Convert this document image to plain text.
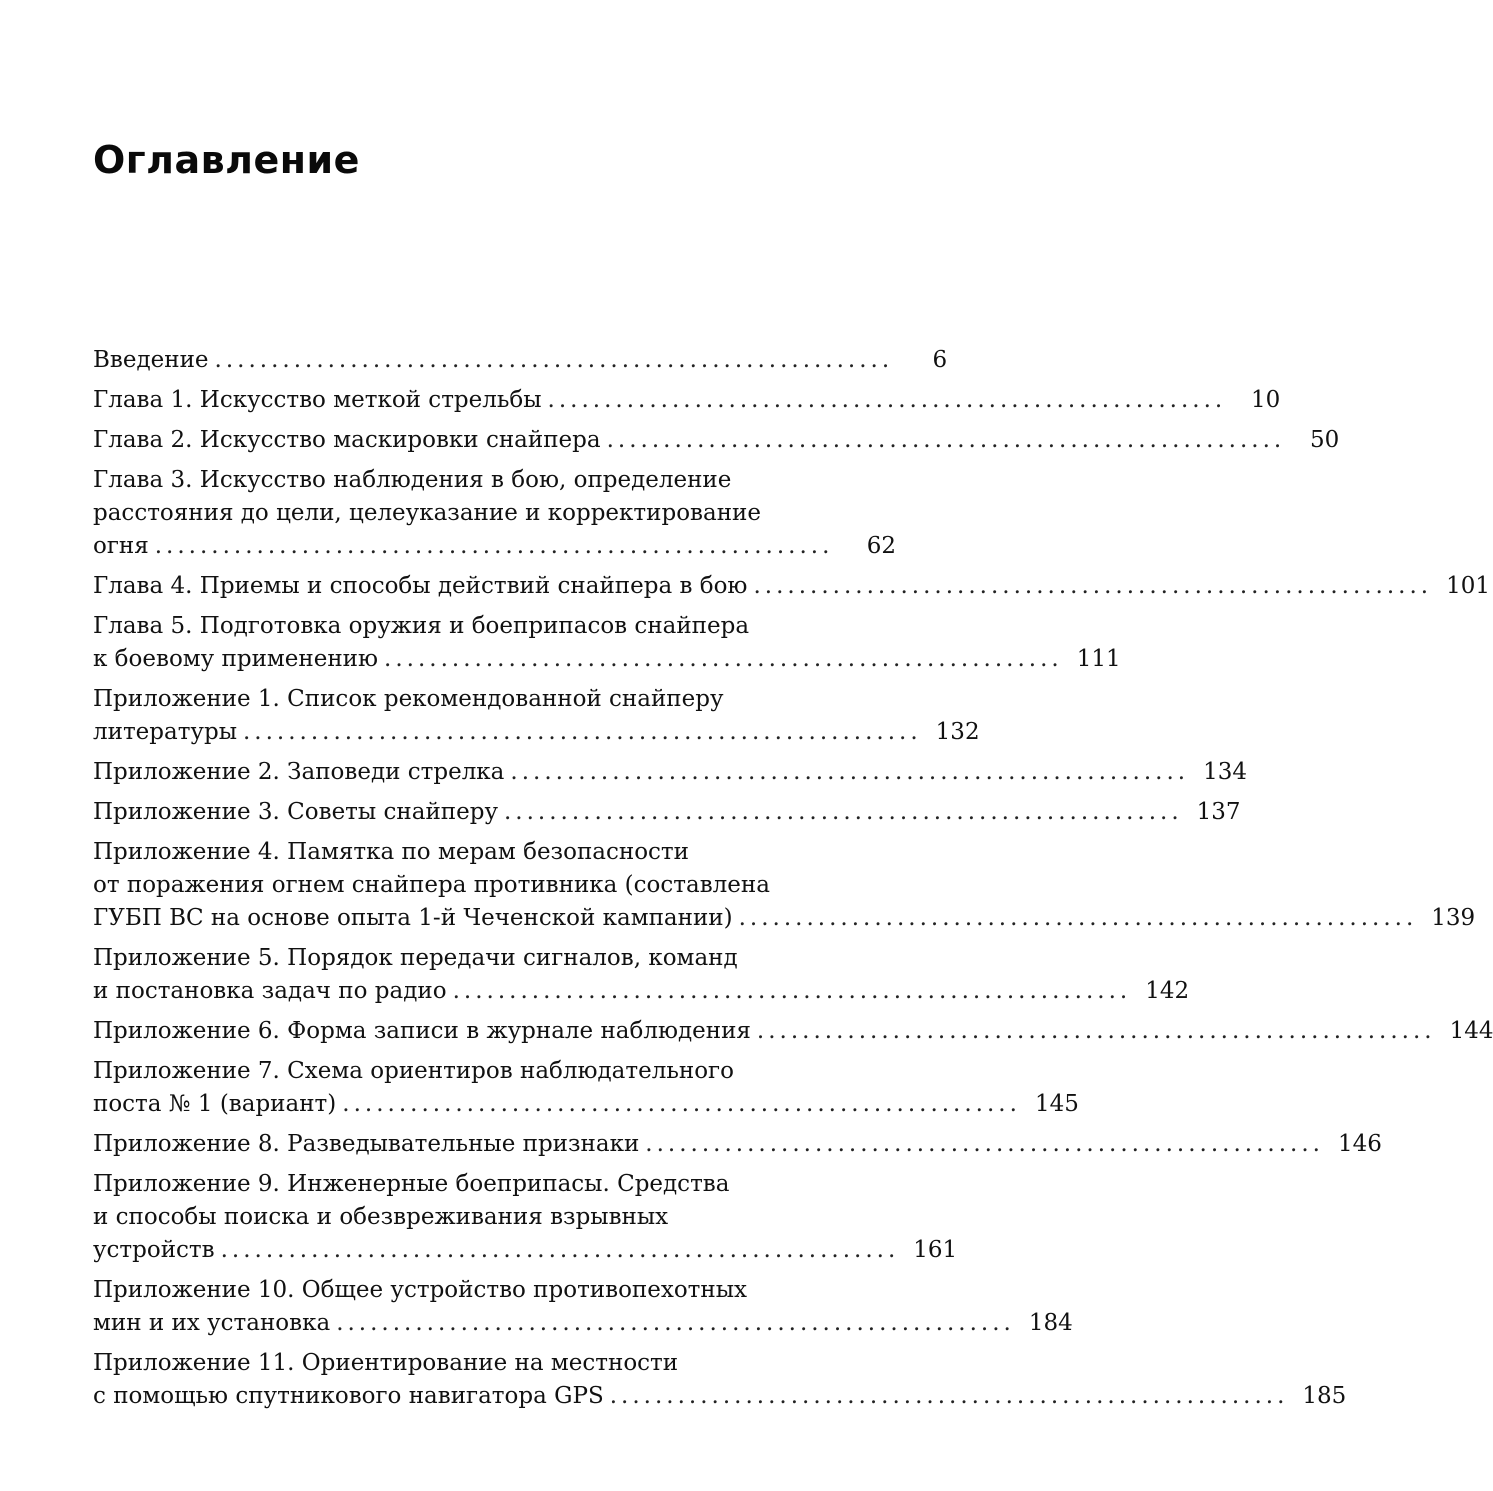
Оглавление
Введение ............................................................	6
Глава 1. Искусство меткой стрельбы ............................................................	10
Глава 2. Искусство маскировки снайпера ............................................................	50
Глава 3. Искусство наблюдения в бою, определение
расстояния до цели, целеуказание и корректирование
огня ............................................................	62
Глава 4. Приемы и способы действий снайпера в бою ............................................................ 101
Глава 5. Подготовка оружия и боеприпасов снайпера
к боевому применению ............................................................ 111
Приложение 1. Список рекомендованной снайперу
литературы ............................................................ 132
Приложение 2. Заповеди стрелка ............................................................ 134
Приложение 3. Советы снайперу ............................................................ 137
Приложение 4. Памятка по мерам безопасности
от поражения огнем снайпера противника (составлена
ГУБП ВС на основе опыта 1-й Чеченской кампании) ............................................................ 139
Приложение 5. Порядок передачи сигналов, команд
и постановка задач по радио ............................................................ 142
Приложение 6. Форма записи в журнале наблюдения ............................................................ 144
Приложение 7. Схема ориентиров наблюдательного
поста № 1 (вариант) ............................................................ 145
Приложение 8. Разведывательные признаки ............................................................ 146
Приложение 9. Инженерные боеприпасы. Средства
и способы поиска и обезвреживания взрывных
устройств ............................................................ 161
Приложение 10. Общее устройство противопехотных
мин и их установка ............................................................ 184
Приложение 11. Ориентирование на местности
с помощью спутникового навигатора GPS ............................................................ 185
